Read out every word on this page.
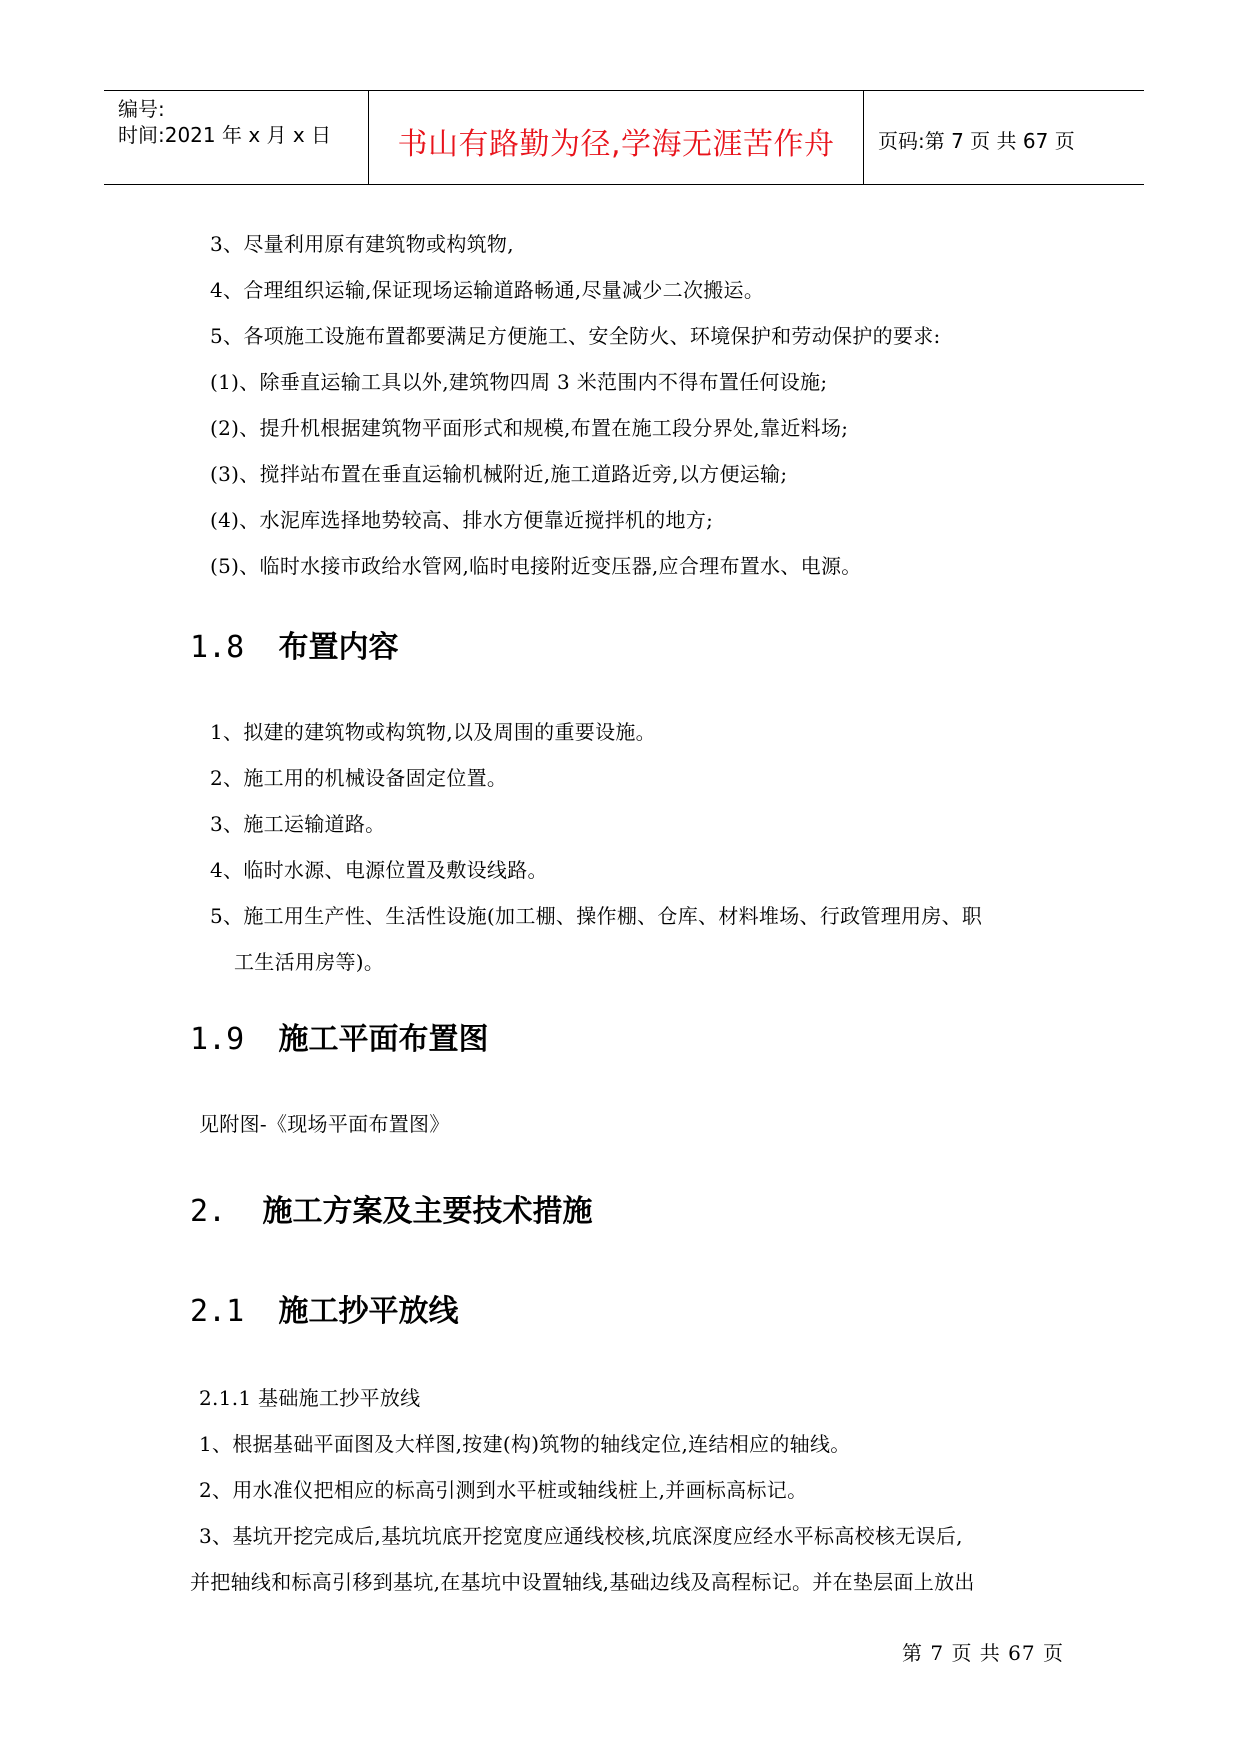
编号:
时间:2021 年 x 月 x 日	书山有路勤为径,学海无涯苦作舟	页码:第 7 页 共 67 页
3、尽量利用原有建筑物或构筑物,
4、合理组织运输,保证现场运输道路畅通,尽量减少二次搬运。
5、各项施工设施布置都要满足方便施工、安全防火、环境保护和劳动保护的要求:
(1)、除垂直运输工具以外,建筑物四周 3 米范围内不得布置任何设施;
(2)、提升机根据建筑物平面形式和规模,布置在施工段分界处,靠近料场;
(3)、搅拌站布置在垂直运输机械附近,施工道路近旁,以方便运输;
(4)、水泥库选择地势较高、排水方便靠近搅拌机的地方;
(5)、临时水接市政给水管网,临时电接附近变压器,应合理布置水、电源。
1.8 布置内容
1、拟建的建筑物或构筑物,以及周围的重要设施。
2、施工用的机械设备固定位置。
3、施工运输道路。
4、临时水源、电源位置及敷设线路。
5、施工用生产性、生活性设施(加工棚、操作棚、仓库、材料堆场、行政管理用房、职
工生活用房等)。
1.9 施工平面布置图
见附图-《现场平面布置图》
2. 施工方案及主要技术措施
2.1 施工抄平放线
2.1.1 基础施工抄平放线
1、根据基础平面图及大样图,按建(构)筑物的轴线定位,连结相应的轴线。
2、用水准仪把相应的标高引测到水平桩或轴线桩上,并画标高标记。
3、基坑开挖完成后,基坑坑底开挖宽度应通线校核,坑底深度应经水平标高校核无误后,
并把轴线和标高引移到基坑,在基坑中设置轴线,基础边线及高程标记。并在垫层面上放出
第 7 页 共 67 页
